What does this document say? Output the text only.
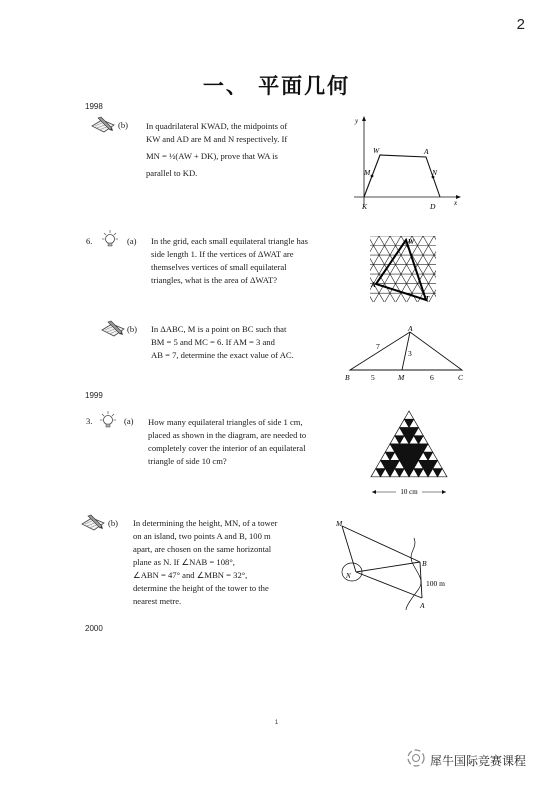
2
一、 平面几何
1998
(b) In quadrilateral KWAD, the midpoints of
KW and AD are M and N respectively. If
MN = ½(AW + DK), prove that WA is
parallel to KD.
y
x
W	A
M	N
K	D
6.	(a) In the grid, each small equilateral triangle has
side length 1. If the vertices of ΔWAT are
themselves vertices of small equilateral
triangles, what is the area of ΔWAT?
W
A
T
(b) In ΔABC, M is a point on BC such that
BM = 5 and MC = 6. If AM = 3 and
AB = 7, determine the exact value of AC.
A
B	M	C
7
3
5	6
1999
3.	(a) How many equilateral triangles of side 1 cm,
placed as shown in the diagram, are needed to
completely cover the interior of an equilateral
triangle of side 10 cm?
10 cm
(b) In determining the height, MN, of a tower
on an island, two points A and B, 100 m
apart, are chosen on the same horizontal
plane as N. If ∠NAB = 108°,
∠ABN = 47° and ∠MBN = 32°,
determine the height of the tower to the
nearest metre.
M
N
B
A
100 m
2000
1
犀牛国际竞赛课程
